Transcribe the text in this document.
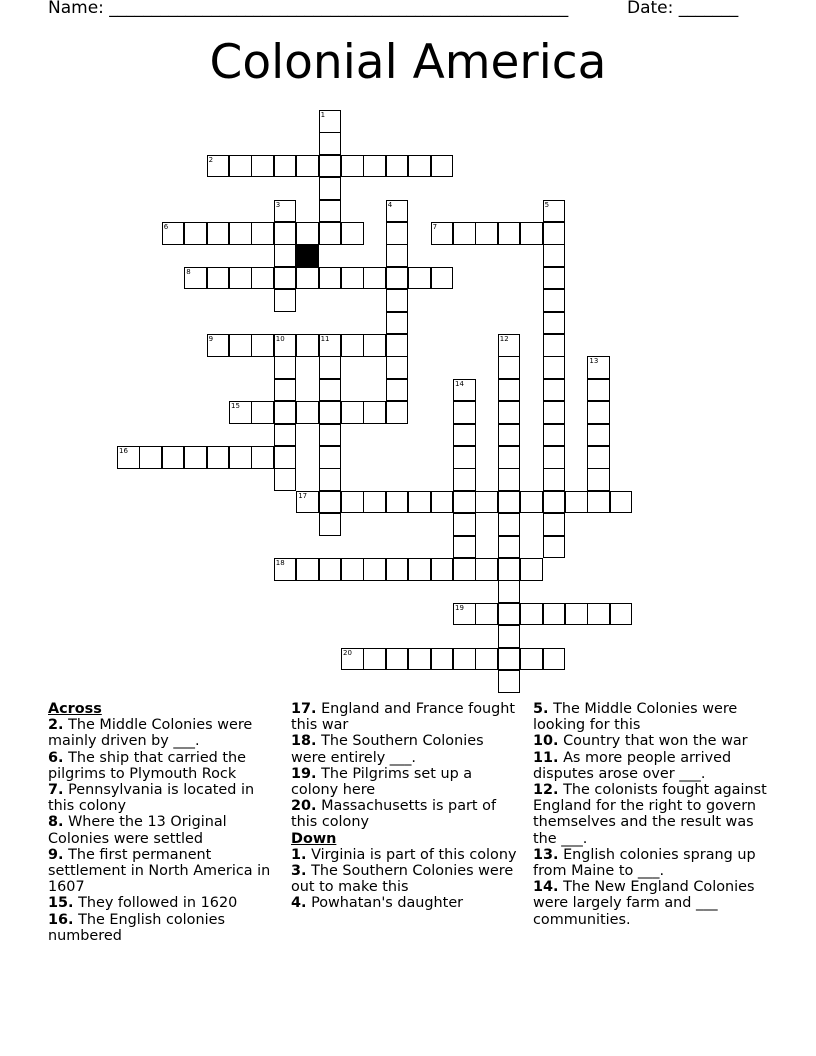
Name: ______________________________________________________	Date: _______
Colonial America
1
2
3	4	5
6	7
8
9	10	11	12
13
14
15
16
17
18
19
20

Across

2. The Middle Colonies were mainly driven by ___.

6. The ship that carried the pilgrims to Plymouth Rock

7. Pennsylvania is located in this colony

8. Where the 13 Original Colonies were settled

9. The first permanent settlement in North America in 1607

15. They followed in 1620

16. The English colonies numbered

17. England and France fought this war

18. The Southern Colonies were entirely ___.

19. The Pilgrims set up a colony here

20. Massachusetts is part of this colony

Down

1. Virginia is part of this colony

3. The Southern Colonies were out to make this

4. Powhatan's daughter

5. The Middle Colonies were looking for this

10. Country that won the war

11. As more people arrived disputes arose over ___.

12. The colonists fought against England for the right to govern themselves and the result was the ___.

13. English colonies sprang up from Maine to ___.

14. The New England Colonies were largely farm and ___ communities.
